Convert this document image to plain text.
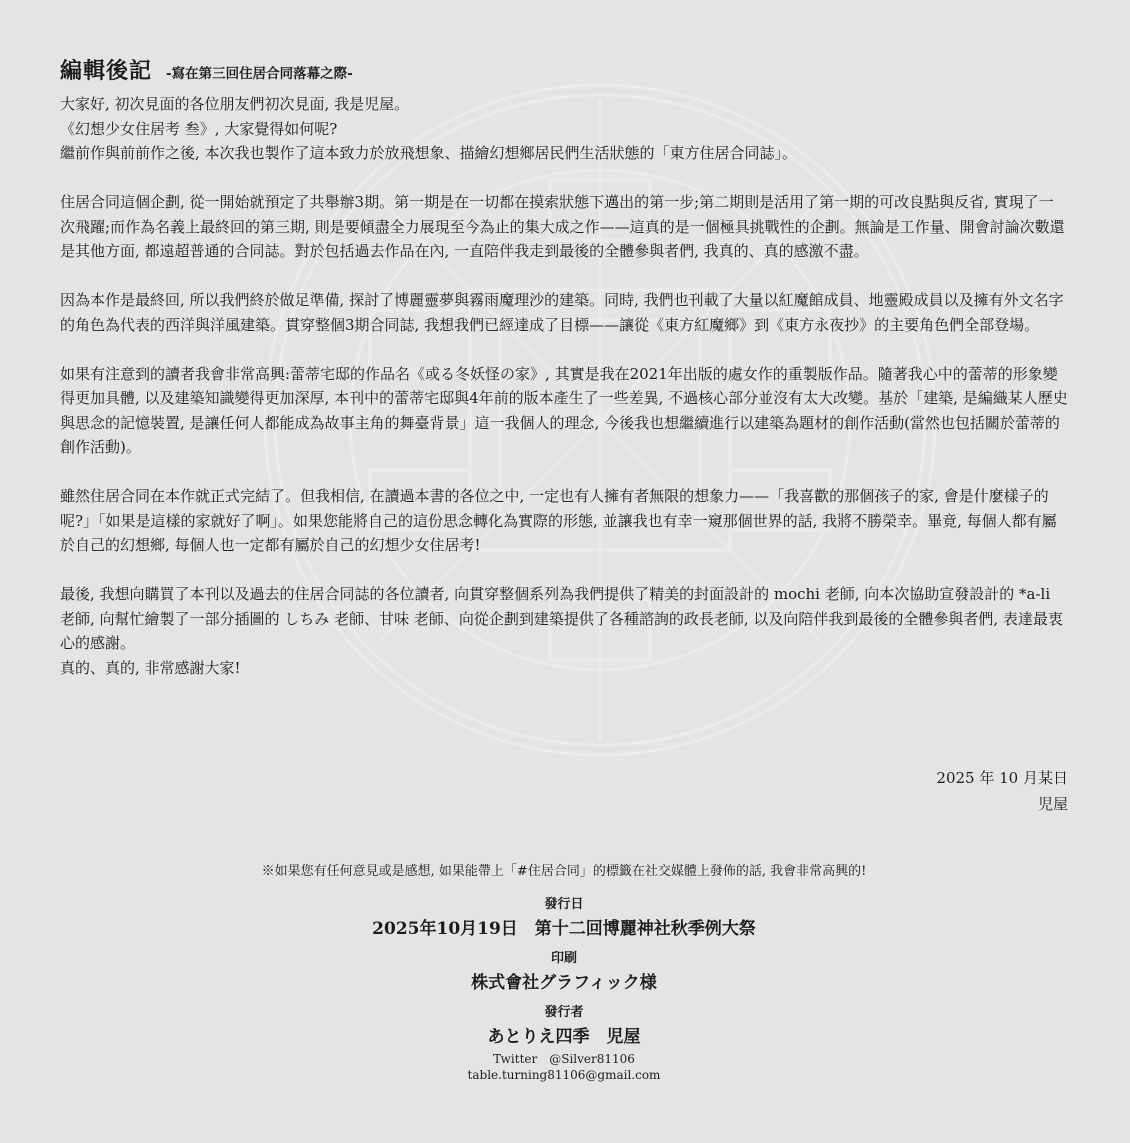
編輯後記 -寫在第三回住居合同落幕之際-

大家好, 初次見面的各位朋友們初次見面, 我是児屋。
《幻想少女住居考 叁》, 大家覺得如何呢?
繼前作與前前作之後, 本次我也製作了這本致力於放飛想象、描繪幻想鄉居民們生活狀態的「東方住居合同誌」。

住居合同這個企劃, 從一開始就預定了共舉辦3期。第一期是在一切都在摸索狀態下邁出的第一步;第二期則是活用了第一期的可改良點與反省, 實現了一次飛躍;而作為名義上最終回的第三期, 則是要傾盡全力展現至今為止的集大成之作——這真的是一個極具挑戰性的企劃。無論是工作量、開會討論次數還是其他方面, 都遠超普通的合同誌。對於包括過去作品在內, 一直陪伴我走到最後的全體參與者們, 我真的、真的感激不盡。

因為本作是最終回, 所以我們終於做足準備, 探討了博麗靈夢與霧雨魔理沙的建築。同時, 我們也刊載了大量以紅魔館成員、地靈殿成員以及擁有外文名字的角色為代表的西洋與洋風建築。貫穿整個3期合同誌, 我想我們已經達成了目標——讓從《東方紅魔鄉》到《東方永夜抄》的主要角色們全部登場。

如果有注意到的讀者我會非常高興:蕾蒂宅邸的作品名《或る冬妖怪の家》, 其實是我在2021年出版的處女作的重製版作品。隨著我心中的蕾蒂的形象變得更加具體, 以及建築知識變得更加深厚, 本刊中的蕾蒂宅邸與4年前的版本產生了一些差異, 不過核心部分並沒有太大改變。基於「建築, 是編織某人歷史與思念的記憶裝置, 是讓任何人都能成為故事主角的舞臺背景」這一我個人的理念, 今後我也想繼續進行以建築為題材的創作活動(當然也包括關於蕾蒂的創作活動)。

雖然住居合同在本作就正式完結了。但我相信, 在讀過本書的各位之中, 一定也有人擁有者無限的想象力——「我喜歡的那個孩子的家, 會是什麼樣子的呢?」「如果是這樣的家就好了啊」。如果您能將自己的這份思念轉化為實際的形態, 並讓我也有幸一窺那個世界的話, 我將不勝榮幸。畢竟, 每個人都有屬於自己的幻想鄉, 每個人也一定都有屬於自己的幻想少女住居考!

最後, 我想向購買了本刊以及過去的住居合同誌的各位讀者, 向貫穿整個系列為我們提供了精美的封面設計的 mochi 老師, 向本次協助宣發設計的 *a-li 老師, 向幫忙繪製了一部分插圖的 しちみ 老師、甘味 老師、向從企劃到建築提供了各種諮詢的政長老師, 以及向陪伴我到最後的全體參與者們, 表達最衷心的感謝。
真的、真的, 非常感謝大家!

2025 年 10 月某日
児屋
※如果您有任何意見或是感想, 如果能帶上「#住居合同」的標籤在社交媒體上發佈的話, 我會非常高興的!
發行日
2025年10月19日　第十二回博麗神社秋季例大祭
印刷
株式會社グラフィック様
發行者
あとりえ四季　児屋
Twitter　@Silver81106
table.turning81106@gmail.com
